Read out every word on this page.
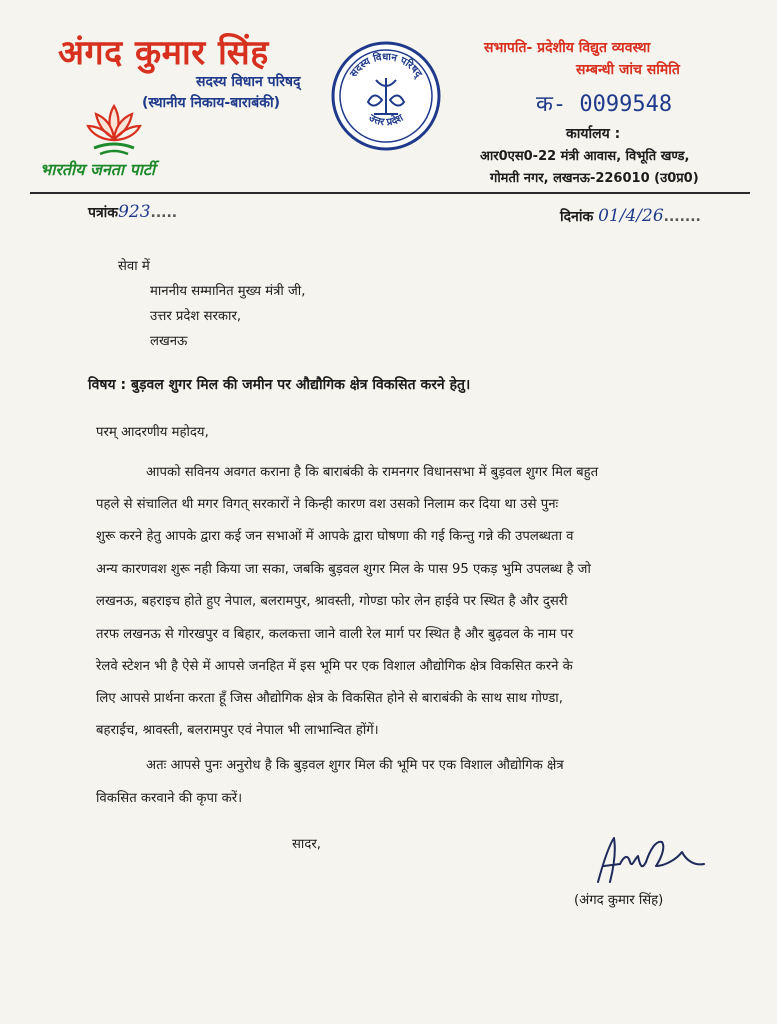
अंगद कुमार सिंह
सदस्य विधान परिषद्
(स्थानीय निकाय-बाराबंकी)
भारतीय जनता पार्टी
सदस्य विधान परिषद्
उत्तर प्रदेश
सभापति- प्रदेशीय विद्युत व्यवस्था
सम्बन्धी जांच समिति
क- 0099548
कार्यालय :
आर0एस0-22 मंत्री आवास, विभूति खण्ड,
गोमती नगर, लखनऊ-226010 (उ0प्र0)
पत्रांक923.....	दिनांक 01/4/26.......
सेवा में
माननीय सम्मानित मुख्य मंत्री जी,
उत्तर प्रदेश सरकार,
लखनऊ
विषय : बुड़वल शुगर मिल की जमीन पर औद्यौगिक क्षेत्र विकसित करने हेतु।
परम् आदरणीय महोदय,
आपको सविनय अवगत कराना है कि बाराबंकी के रामनगर विधानसभा में बुड़वल शुगर मिल बहुत
पहले से संचालित थी मगर विगत् सरकारों ने किन्ही कारण वश उसको निलाम कर दिया था उसे पुनः
शुरू करने हेतु आपके द्वारा कई जन सभाओं में आपके द्वारा घोषणा की गई किन्तु गन्ने की उपलब्धता व
अन्य कारणवश शुरू नही किया जा सका, जबकि बुड़वल शुगर मिल के पास 95 एकड़ भुमि उपलब्ध है जो
लखनऊ, बहराइच होते हुए नेपाल, बलरामपुर, श्रावस्ती, गोण्डा फोर लेन हाईवे पर स्थित है और दुसरी
तरफ लखनऊ से गोरखपुर व बिहार, कलकत्ता जाने वाली रेल मार्ग पर स्थित है और बुढ़वल के नाम पर
रेलवे स्टेशन भी है ऐसे में आपसे जनहित में इस भूमि पर एक विशाल औद्योगिक क्षेत्र विकसित करने के
लिए आपसे प्रार्थना करता हूँ जिस औद्योगिक क्षेत्र के विकसित होने से बाराबंकी के साथ साथ गोण्डा,
बहराईच, श्रावस्ती, बलरामपुर एवं नेपाल भी लाभान्वित होंगें।
अतः आपसे पुनः अनुरोध है कि बुड़वल शुगर मिल की भूमि पर एक विशाल औद्योगिक क्षेत्र
विकसित करवाने की कृपा करें।
सादर,
(अंगद कुमार सिंह)
